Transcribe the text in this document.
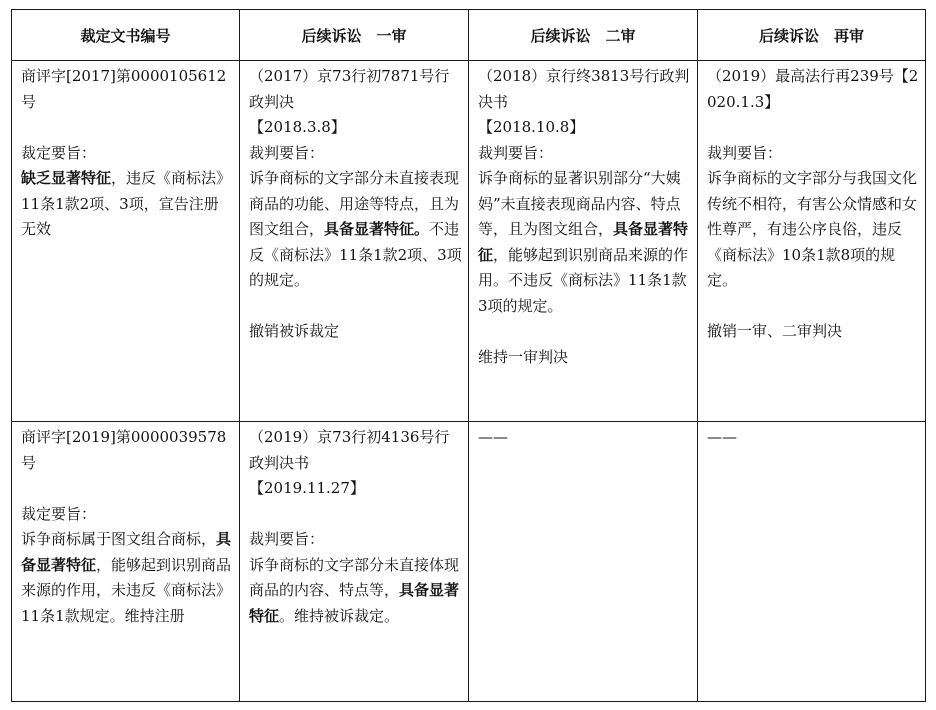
裁定文书编号	后续诉讼　一审	后续诉讼　二审	后续诉讼　再审

商评字[2017]第0000105612号
裁定要旨：
缺乏显著特征，违反《商标法》11条1款2项、3项，宣告注册无效	（2017）京73行初7871号行政判决
【2018.3.8】
裁判要旨：
诉争商标的文字部分未直接表现商品的功能、用途等特点，且为图文组合，具备显著特征。不违反《商标法》11条1款2项、3项的规定。
撤销被诉裁定	（2018）京行终3813号行政判决书
【2018.10.8】
裁判要旨：
诉争商标的显著识别部分“大姨妈”未直接表现商品内容、特点等，且为图文组合，具备显著特征，能够起到识别商品来源的作用。不违反《商标法》11条1款3项的规定。
维持一审判决	（2019）最高法行再239号【2020.1.3】
裁判要旨：
诉争商标的文字部分与我国文化传统不相符，有害公众情感和女性尊严，有违公序良俗，违反《商标法》10条1款8项的规定。
撤销一审、二审判决

商评字[2019]第0000039578号
裁定要旨：
诉争商标属于图文组合商标，具备显著特征，能够起到识别商品来源的作用，未违反《商标法》11条1款规定。维持注册	（2019）京73行初4136号行政判决书
【2019.11.27】
裁判要旨：
诉争商标的文字部分未直接体现商品的内容、特点等，具备显著特征。维持被诉裁定。	——	——
